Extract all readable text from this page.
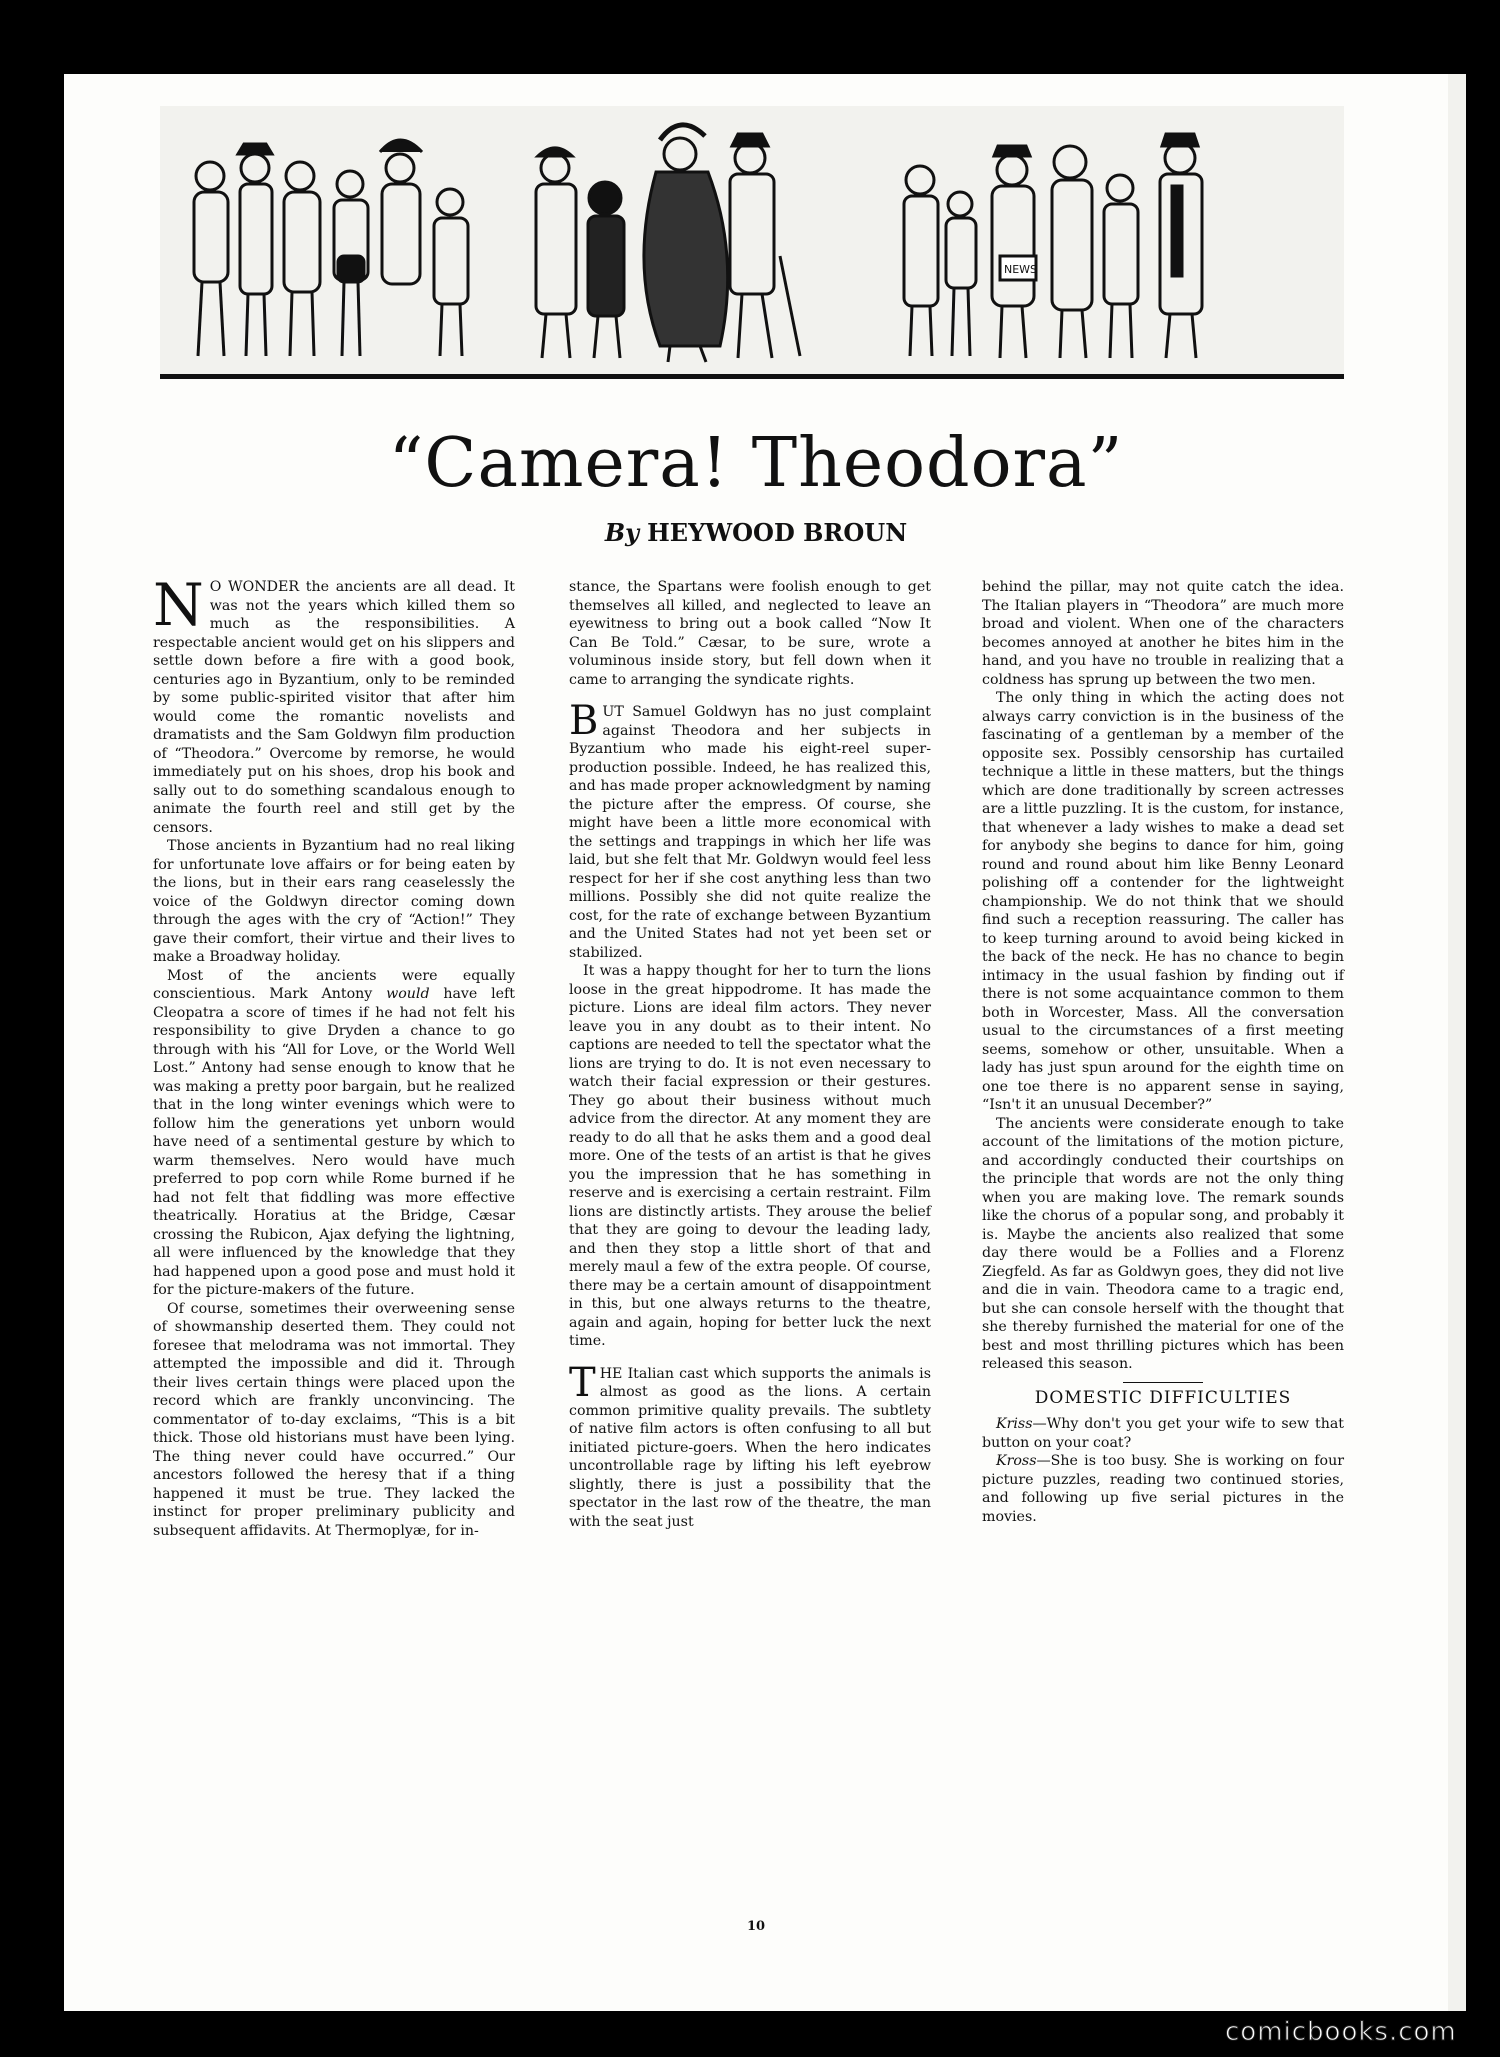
NEWS
“Camera! Theodora”
By HEYWOOD BROUN

N O WONDER the ancients are all dead. It was not the years which killed them so much as the responsibilities. A respectable ancient would get on his slippers and settle down before a fire with a good book, centuries ago in Byzantium, only to be reminded by some public-spirited visitor that after him would come the romantic novelists and dramatists and the Sam Goldwyn film production of “Theodora.” Overcome by remorse, he would immediately put on his shoes, drop his book and sally out to do something scandalous enough to animate the fourth reel and still get by the censors.

Those ancients in Byzantium had no real liking for unfortunate love affairs or for being eaten by the lions, but in their ears rang ceaselessly the voice of the Goldwyn director coming down through the ages with the cry of “Action!” They gave their comfort, their virtue and their lives to make a Broadway holiday.

Most of the ancients were equally conscientious. Mark Antony would have left Cleopatra a score of times if he had not felt his responsibility to give Dryden a chance to go through with his “All for Love, or the World Well Lost.” Antony had sense enough to know that he was making a pretty poor bargain, but he realized that in the long winter evenings which were to follow him the generations yet unborn would have need of a sentimental gesture by which to warm themselves. Nero would have much preferred to pop corn while Rome burned if he had not felt that fiddling was more effective theatrically. Horatius at the Bridge, Cæsar crossing the Rubicon, Ajax defying the lightning, all were influenced by the knowledge that they had happened upon a good pose and must hold it for the picture-makers of the future.

Of course, sometimes their overweening sense of showmanship deserted them. They could not foresee that melodrama was not immortal. They attempted the impossible and did it. Through their lives certain things were placed upon the record which are frankly unconvincing. The commentator of to-day exclaims, “This is a bit thick. Those old historians must have been lying. The thing never could have occurred.” Our ancestors followed the heresy that if a thing happened it must be true. They lacked the instinct for proper preliminary publicity and subsequent affidavits. At Thermoplyæ, for in-

stance, the Spartans were foolish enough to get themselves all killed, and neglected to leave an eyewitness to bring out a book called “Now It Can Be Told.” Cæsar, to be sure, wrote a voluminous inside story, but fell down when it came to arranging the syndicate rights.

BUT Samuel Goldwyn has no just complaint against Theodora and her subjects in Byzantium who made his eight-reel super-production possible. Indeed, he has realized this, and has made proper acknowledgment by naming the picture after the empress. Of course, she might have been a little more economical with the settings and trappings in which her life was laid, but she felt that Mr. Goldwyn would feel less respect for her if she cost anything less than two millions. Possibly she did not quite realize the cost, for the rate of exchange between Byzantium and the United States had not yet been set or stabilized.

It was a happy thought for her to turn the lions loose in the great hippodrome. It has made the picture. Lions are ideal film actors. They never leave you in any doubt as to their intent. No captions are needed to tell the spectator what the lions are trying to do. It is not even necessary to watch their facial expression or their gestures. They go about their business without much advice from the director. At any moment they are ready to do all that he asks them and a good deal more. One of the tests of an artist is that he gives you the impression that he has something in reserve and is exercising a certain restraint. Film lions are distinctly artists. They arouse the belief that they are going to devour the leading lady, and then they stop a little short of that and merely maul a few of the extra people. Of course, there may be a certain amount of disappointment in this, but one always returns to the theatre, again and again, hoping for better luck the next time.

THE Italian cast which supports the animals is almost as good as the lions. A certain common primitive quality prevails. The subtlety of native film actors is often confusing to all but initiated picture-goers. When the hero indicates uncontrollable rage by lifting his left eyebrow slightly, there is just a possibility that the spectator in the last row of the theatre, the man with the seat just

behind the pillar, may not quite catch the idea. The Italian players in “Theodora” are much more broad and violent. When one of the characters becomes annoyed at another he bites him in the hand, and you have no trouble in realizing that a coldness has sprung up between the two men.

The only thing in which the acting does not always carry conviction is in the business of the fascinating of a gentleman by a member of the opposite sex. Possibly censorship has curtailed technique a little in these matters, but the things which are done traditionally by screen actresses are a little puzzling. It is the custom, for instance, that whenever a lady wishes to make a dead set for anybody she begins to dance for him, going round and round about him like Benny Leonard polishing off a contender for the lightweight championship. We do not think that we should find such a reception reassuring. The caller has to keep turning around to avoid being kicked in the back of the neck. He has no chance to begin intimacy in the usual fashion by finding out if there is not some acquaintance common to them both in Worcester, Mass. All the conversation usual to the circumstances of a first meeting seems, somehow or other, unsuitable. When a lady has just spun around for the eighth time on one toe there is no apparent sense in saying, “Isn't it an unusual December?”

The ancients were considerate enough to take account of the limitations of the motion picture, and accordingly conducted their courtships on the principle that words are not the only thing when you are making love. The remark sounds like the chorus of a popular song, and probably it is. Maybe the ancients also realized that some day there would be a Follies and a Florenz Ziegfeld. As far as Goldwyn goes, they did not live and die in vain. Theodora came to a tragic end, but she can console herself with the thought that she thereby furnished the material for one of the best and most thrilling pictures which has been released this season.

DOMESTIC DIFFICULTIES

Kriss—Why don't you get your wife to sew that button on your coat?

Kross—She is too busy. She is working on four picture puzzles, reading two continued stories, and following up five serial pictures in the movies.

10
comicbooks.com
